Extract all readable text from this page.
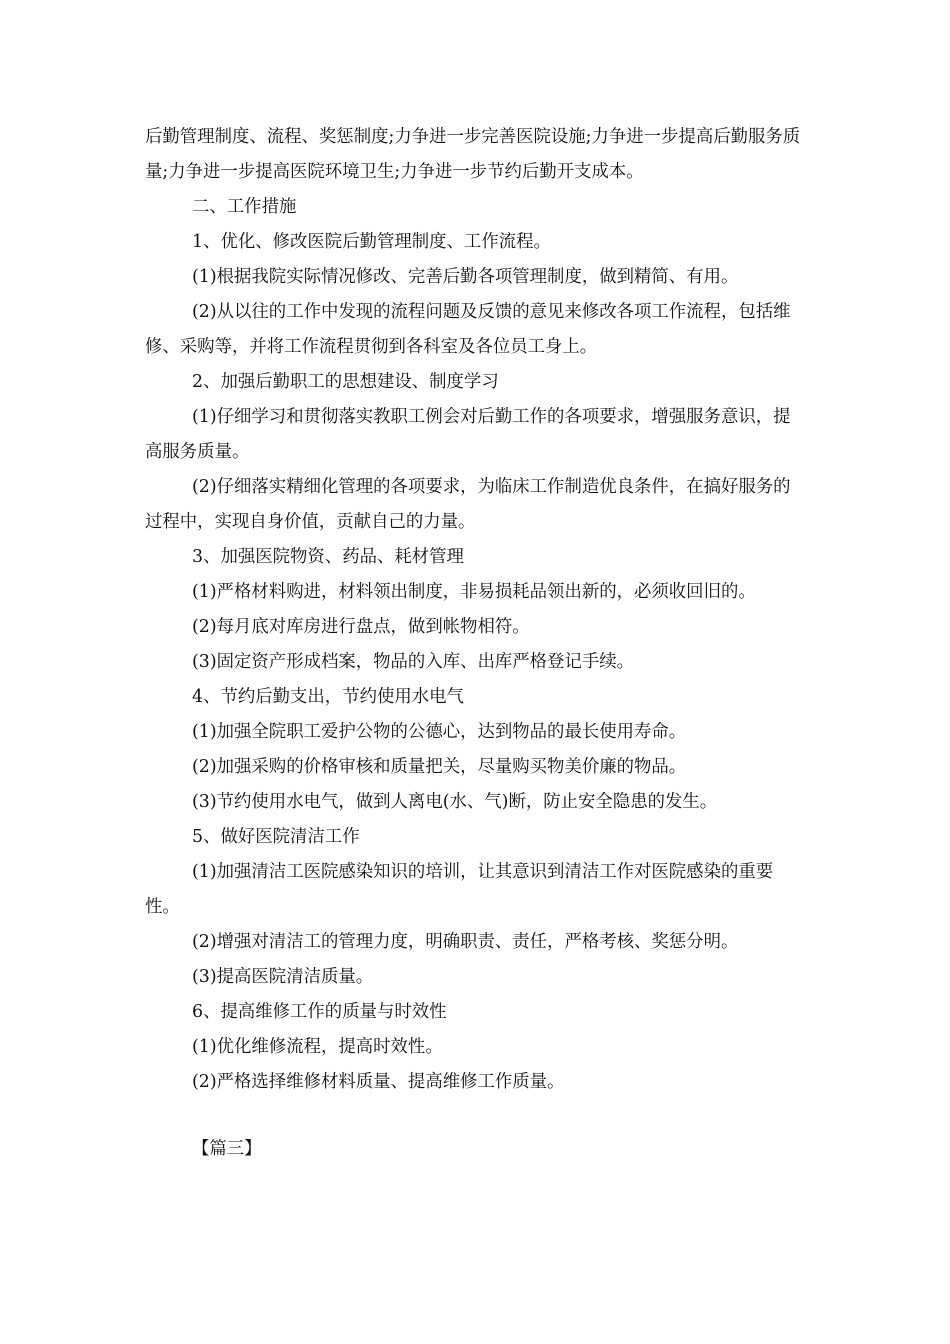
后勤管理制度、流程、奖惩制度;力争进一步完善医院设施;力争进一步提高后勤服务质量;力争进一步提高医院环境卫生;力争进一步节约后勤开支成本。

二、工作措施

1、优化、修改医院后勤管理制度、工作流程。

(1)根据我院实际情况修改、完善后勤各项管理制度，做到精简、有用。

(2)从以往的工作中发现的流程问题及反馈的意见来修改各项工作流程，包括维修、采购等，并将工作流程贯彻到各科室及各位员工身上。

2、加强后勤职工的思想建设、制度学习

(1)仔细学习和贯彻落实教职工例会对后勤工作的各项要求，增强服务意识，提高服务质量。

(2)仔细落实精细化管理的各项要求，为临床工作制造优良条件，在搞好服务的过程中，实现自身价值，贡献自己的力量。

3、加强医院物资、药品、耗材管理

(1)严格材料购进，材料领出制度，非易损耗品领出新的，必须收回旧的。

(2)每月底对库房进行盘点，做到帐物相符。

(3)固定资产形成档案，物品的入库、出库严格登记手续。

4、节约后勤支出，节约使用水电气

(1)加强全院职工爱护公物的公德心，达到物品的最长使用寿命。

(2)加强采购的价格审核和质量把关，尽量购买物美价廉的物品。

(3)节约使用水电气，做到人离电(水、气)断，防止安全隐患的发生。

5、做好医院清洁工作

(1)加强清洁工医院感染知识的培训，让其意识到清洁工作对医院感染的重要性。

(2)增强对清洁工的管理力度，明确职责、责任，严格考核、奖惩分明。

(3)提高医院清洁质量。

6、提高维修工作的质量与时效性

(1)优化维修流程，提高时效性。

(2)严格选择维修材料质量、提高维修工作质量。

【篇三】
